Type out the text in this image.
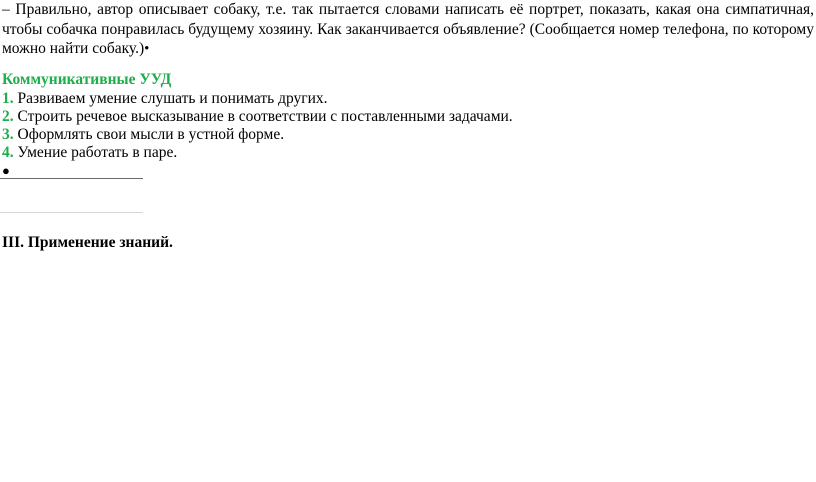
– Правильно, автор описывает собаку, т.е. так пытается словами написать её портрет, показать, какая она симпатичная, чтобы собачка понравилась будущему хозяину. Как заканчивается объявление? (Сообщается номер телефона, по которому можно найти собаку.)•

Коммуникативные УУД

1. Развиваем умение слушать и понимать других.

2. Строить речевое высказывание в соответствии с поставленными задачами.

3. Оформлять свои мысли в устной форме.

4. Умение работать в паре.

●

III. Применение знаний.
